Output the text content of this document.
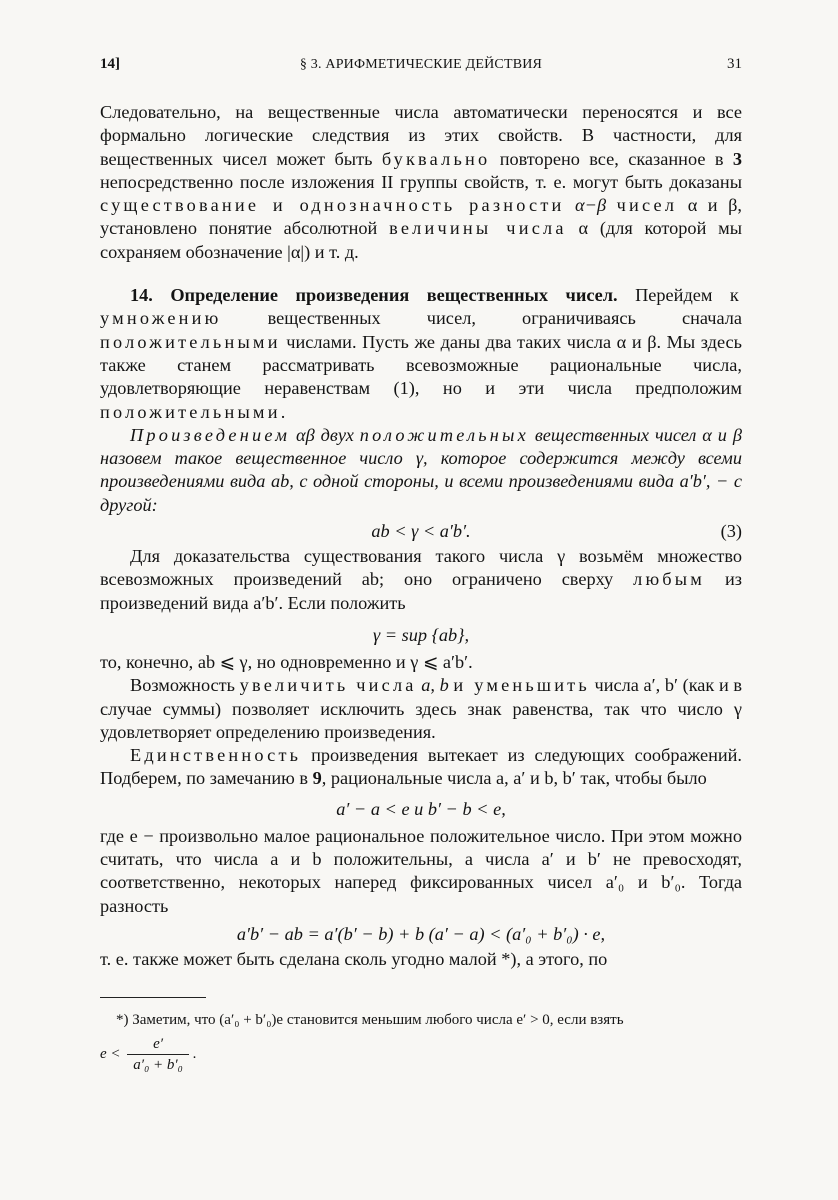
14]	§ 3. АРИФМЕТИЧЕСКИЕ ДЕЙСТВИЯ	31

Следовательно, на вещественные числа автоматически переносятся и все формально логические следствия из этих свойств. В частности, для вещественных чисел может быть буквально повторено все, сказанное в 3 непосредственно после изложения II группы свойств, т. е. могут быть доказаны существование и однозначность разности α−β чисел α и β, установлено понятие абсолютной величины числа α (для которой мы сохраняем обозначение |α|) и т. д.

14. Определение произведения вещественных чисел. Перейдем к умножению вещественных чисел, ограничиваясь сначала положительными числами. Пусть же даны два таких числа α и β. Мы здесь также станем рассматривать всевозможные рациональные числа, удовлетворяющие неравенствам (1), но и эти числа предположим положительными.

Произведением αβ двух положительных вещественных чисел α и β назовем такое вещественное число γ, которое содержится между всеми произведениями вида ab, с одной стороны, и всеми произведениями вида a′b′, − с другой:

ab < γ < a′b′.	(3)

Для доказательства существования такого числа γ возьмём множество всевозможных произведений ab; оно ограничено сверху любым из произведений вида a′b′. Если положить

γ = sup {ab},

то, конечно, ab ⩽ γ, но одновременно и γ ⩽ a′b′.

Возможность увеличить числа a, b и уменьшить числа a′, b′ (как и в случае суммы) позволяет исключить здесь знак равенства, так что число γ удовлетворяет определению произведения.

Единственность произведения вытекает из следующих соображений. Подберем, по замечанию в 9, рациональные числа a, a′ и b, b′ так, чтобы было

a′ − a < e и b′ − b < e,

где e − произвольно малое рациональное положительное число. При этом можно считать, что числа a и b положительны, а числа a′ и b′ не превосходят, соответственно, некоторых наперед фиксированных чисел a′₀ и b′₀. Тогда разность

a′b′ − ab = a′(b′ − b) + b (a′ − a) < (a′₀ + b′₀) · e,

т. е. также может быть сделана сколь угодно малой *), а этого, по

*) Заметим, что (a′₀ + b′₀)e становится меньшим любого числа e′ > 0, если взять
$e < \frac{e'}{\text{a′₀ + b′₀}}$ .
